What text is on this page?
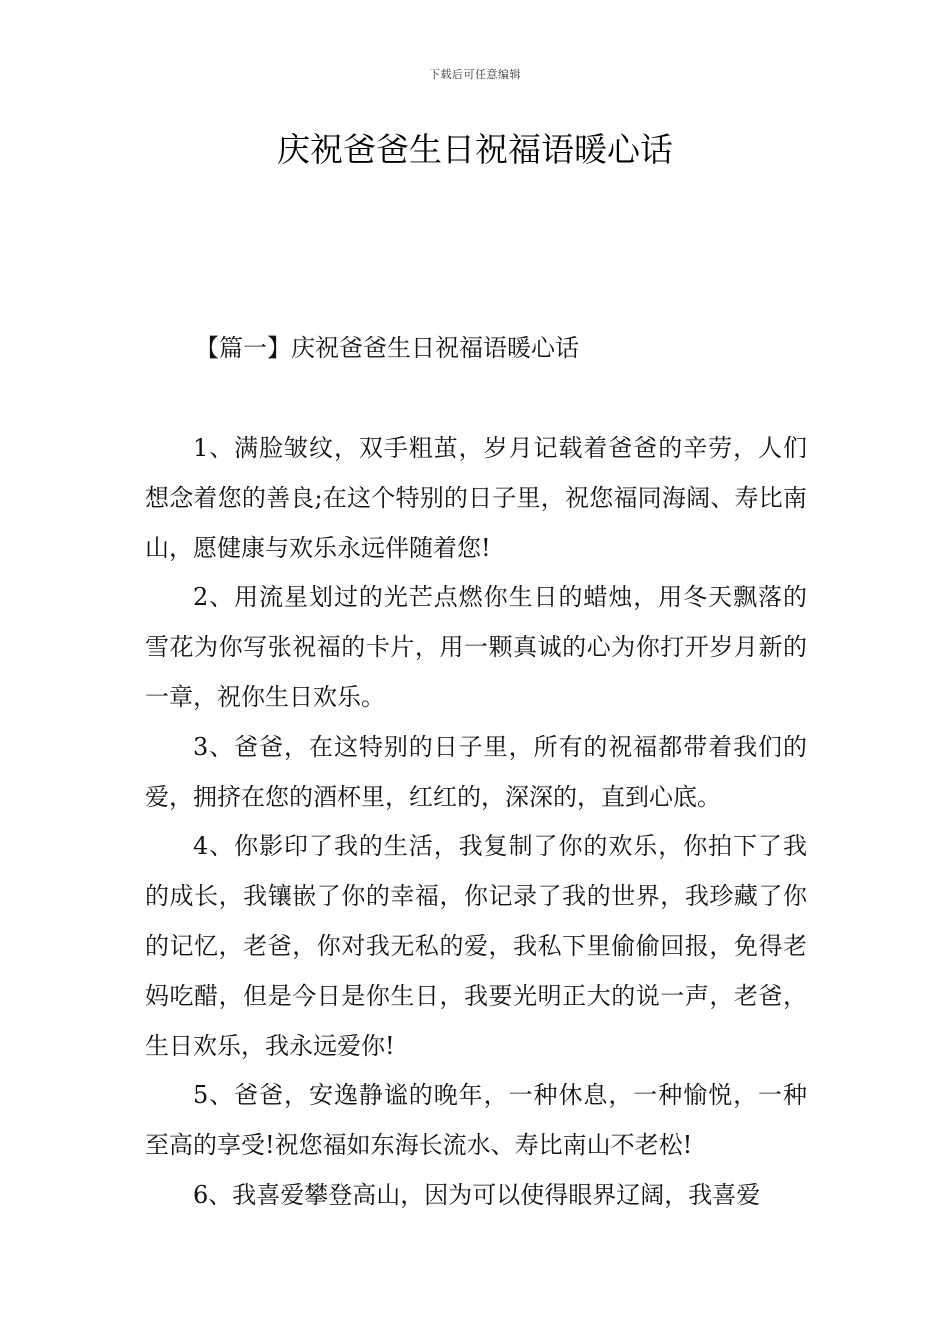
下载后可任意编辑
庆祝爸爸生日祝福语暖心话
【篇一】庆祝爸爸生日祝福语暖心话

1、满脸皱纹，双手粗茧，岁月记载着爸爸的辛劳，人们想念着您的善良;在这个特别的日子里，祝您福同海阔、寿比南山，愿健康与欢乐永远伴随着您!

2、用流星划过的光芒点燃你生日的蜡烛，用冬天飘落的雪花为你写张祝福的卡片，用一颗真诚的心为你打开岁月新的一章，祝你生日欢乐。

3、爸爸，在这特别的日子里，所有的祝福都带着我们的爱，拥挤在您的酒杯里，红红的，深深的，直到心底。

4、你影印了我的生活，我复制了你的欢乐，你拍下了我的成长，我镶嵌了你的幸福，你记录了我的世界，我珍藏了你的记忆，老爸，你对我无私的爱，我私下里偷偷回报，免得老妈吃醋，但是今日是你生日，我要光明正大的说一声，老爸，生日欢乐，我永远爱你!

5、爸爸，安逸静谧的晚年，一种休息，一种愉悦，一种至高的享受!祝您福如东海长流水、寿比南山不老松!

6、我喜爱攀登高山，因为可以使得眼界辽阔，我喜爱
